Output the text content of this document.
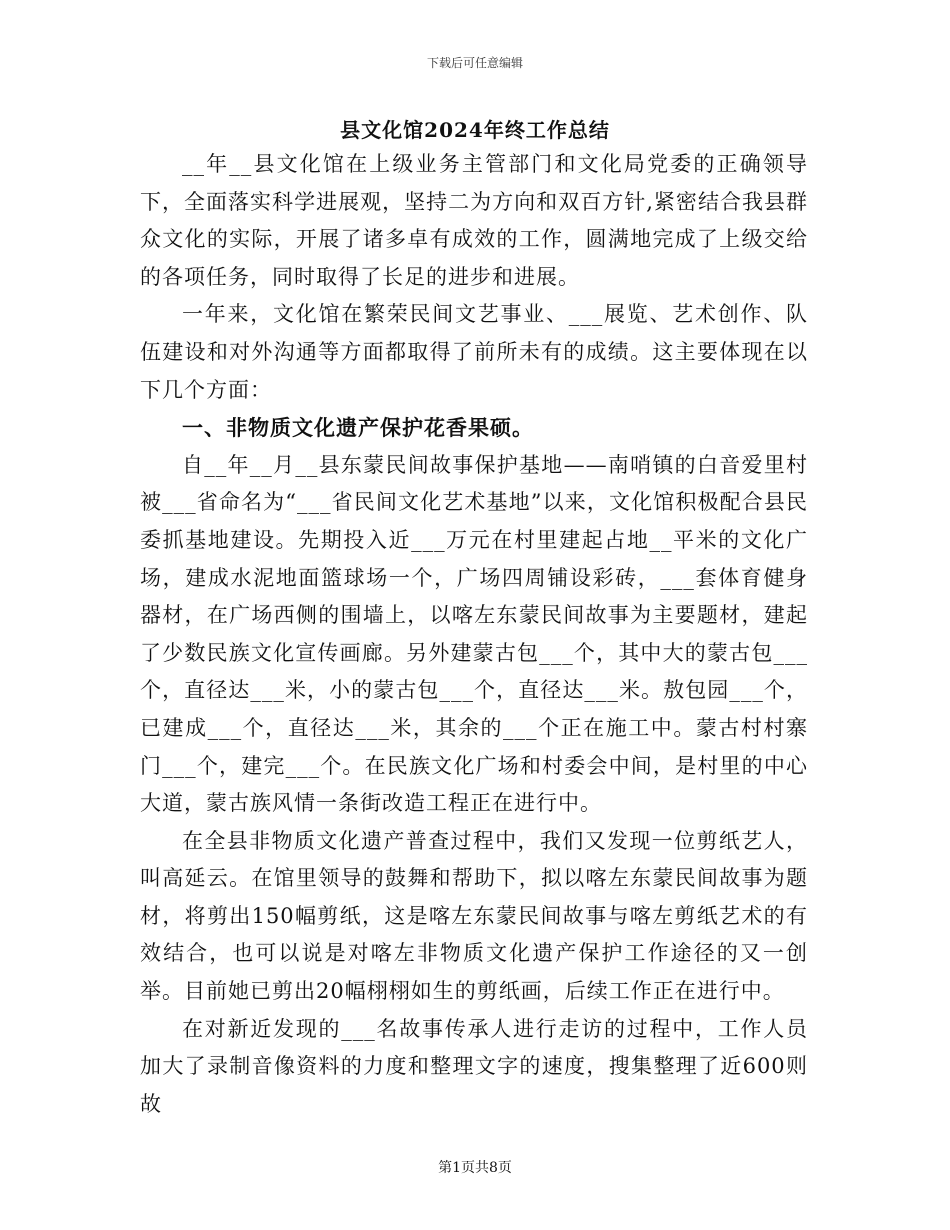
下载后可任意编辑
县文化馆2024年终工作总结

__年__县文化馆在上级业务主管部门和文化局党委的正确领导下，全面落实科学进展观，坚持二为方向和双百方针,紧密结合我县群众文化的实际，开展了诸多卓有成效的工作，圆满地完成了上级交给的各项任务，同时取得了长足的进步和进展。

一年来，文化馆在繁荣民间文艺事业、___展览、艺术创作、队伍建设和对外沟通等方面都取得了前所未有的成绩。这主要体现在以下几个方面：

一、非物质文化遗产保护花香果硕。

自__年__月__县东蒙民间故事保护基地——南哨镇的白音爱里村被___省命名为“___省民间文化艺术基地”以来，文化馆积极配合县民委抓基地建设。先期投入近___万元在村里建起占地__平米的文化广场，建成水泥地面篮球场一个，广场四周铺设彩砖，___套体育健身器材，在广场西侧的围墙上，以喀左东蒙民间故事为主要题材，建起了少数民族文化宣传画廊。另外建蒙古包___个，其中大的蒙古包___个，直径达___米，小的蒙古包___个，直径达___米。敖包园___个，已建成___个，直径达___米，其余的___个正在施工中。蒙古村村寨门___个，建完___个。在民族文化广场和村委会中间，是村里的中心大道，蒙古族风情一条街改造工程正在进行中。

在全县非物质文化遗产普查过程中，我们又发现一位剪纸艺人，叫高延云。在馆里领导的鼓舞和帮助下，拟以喀左东蒙民间故事为题材，将剪出150幅剪纸，这是喀左东蒙民间故事与喀左剪纸艺术的有效结合，也可以说是对喀左非物质文化遗产保护工作途径的又一创举。目前她已剪出20幅栩栩如生的剪纸画，后续工作正在进行中。

在对新近发现的___名故事传承人进行走访的过程中，工作人员加大了录制音像资料的力度和整理文字的速度，搜集整理了近600则故

第1页共8页
